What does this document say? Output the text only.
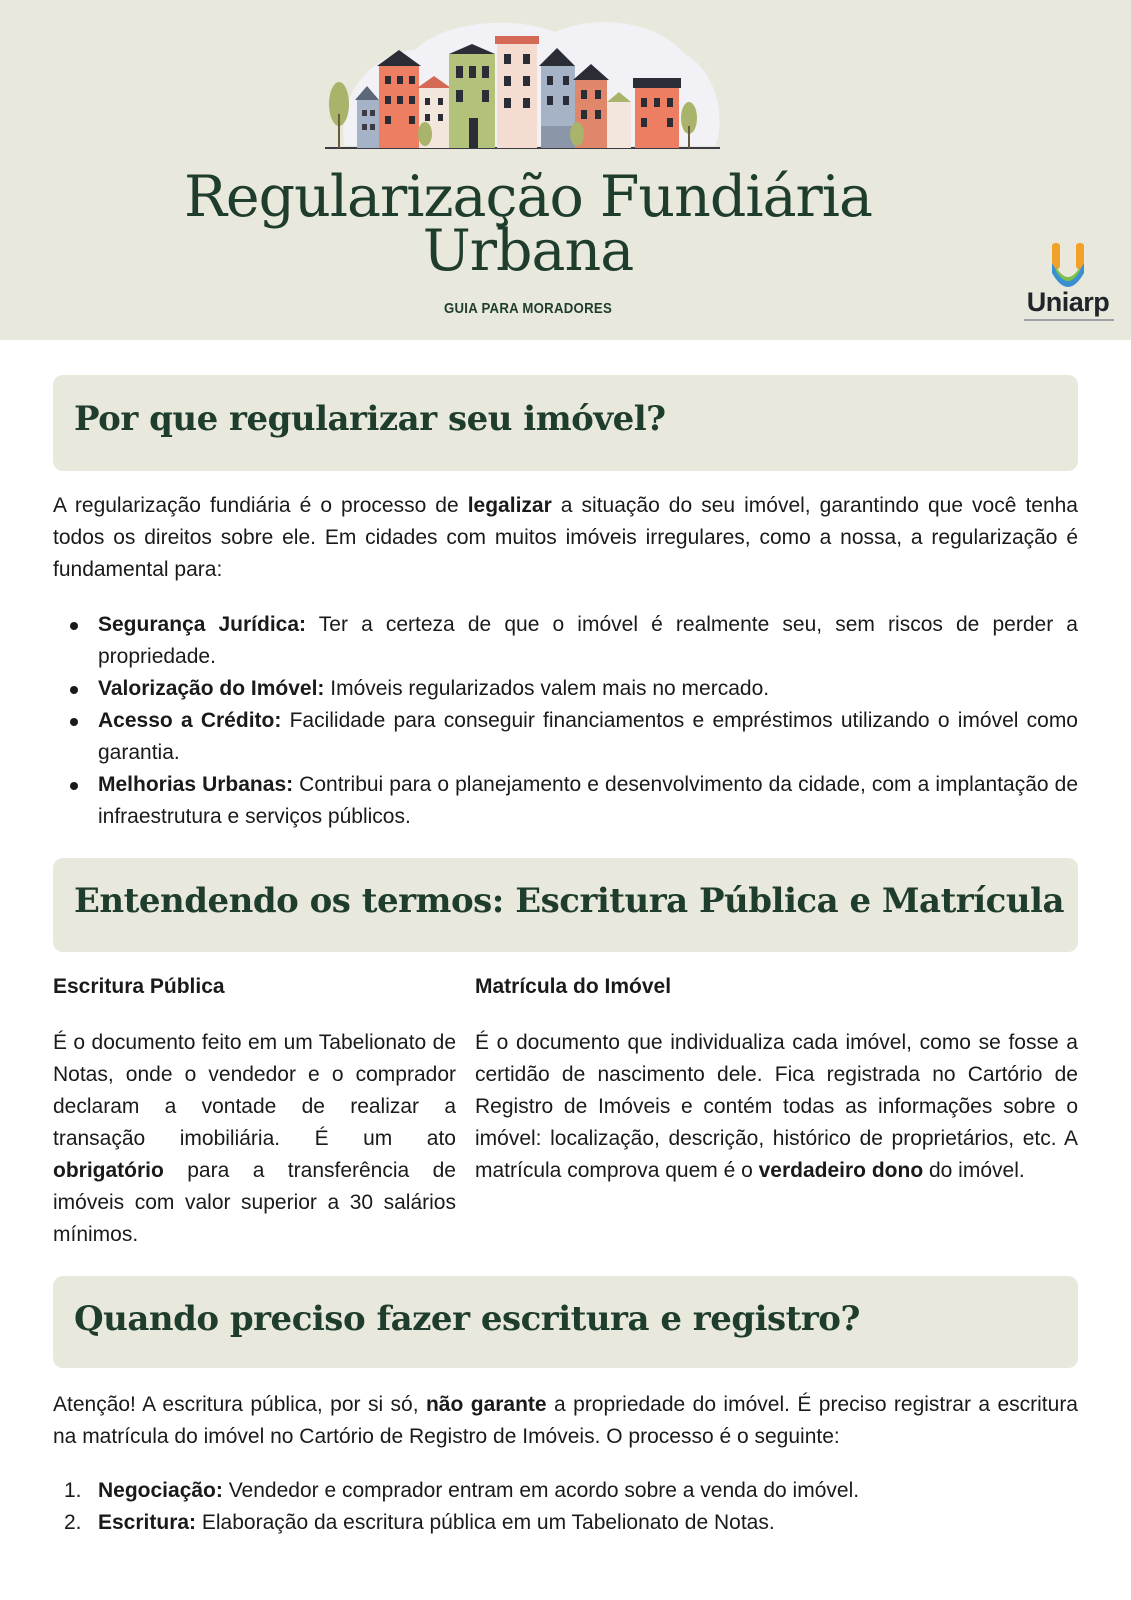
Regularização Fundiária
Urbana
GUIA PARA MORADORES	Uniarp
Por que regularizar seu imóvel?

A regularização fundiária é o processo de legalizar a situação do seu imóvel, garantindo que você tenha todos os direitos sobre ele. Em cidades com muitos imóveis irregulares, como a nossa, a regularização é fundamental para:

Segurança Jurídica: Ter a certeza de que o imóvel é realmente seu, sem riscos de perder a propriedade.
Valorização do Imóvel: Imóveis regularizados valem mais no mercado.
Acesso a Crédito: Facilidade para conseguir financiamentos e empréstimos utilizando o imóvel como garantia.
Melhorias Urbanas: Contribui para o planejamento e desenvolvimento da cidade, com a implantação de infraestrutura e serviços públicos.
Entendendo os termos: Escritura Pública e Matrícula
Escritura Pública	Matrícula do Imóvel

É o documento feito em um Tabelionato de Notas, onde o vendedor e o comprador declaram a vontade de realizar a transação imobiliária. É um ato obrigatório para a transferência de imóveis com valor superior a 30 salários mínimos.

É o documento que individualiza cada imóvel, como se fosse a certidão de nascimento dele. Fica registrada no Cartório de Registro de Imóveis e contém todas as informações sobre o imóvel: localização, descrição, histórico de proprietários, etc. A matrícula comprova quem é o verdadeiro dono do imóvel.

Quando preciso fazer escritura e registro?

Atenção! A escritura pública, por si só, não garante a propriedade do imóvel. É preciso registrar a escritura na matrícula do imóvel no Cartório de Registro de Imóveis. O processo é o seguinte:

1. Negociação: Vendedor e comprador entram em acordo sobre a venda do imóvel.
2. Escritura: Elaboração da escritura pública em um Tabelionato de Notas.
